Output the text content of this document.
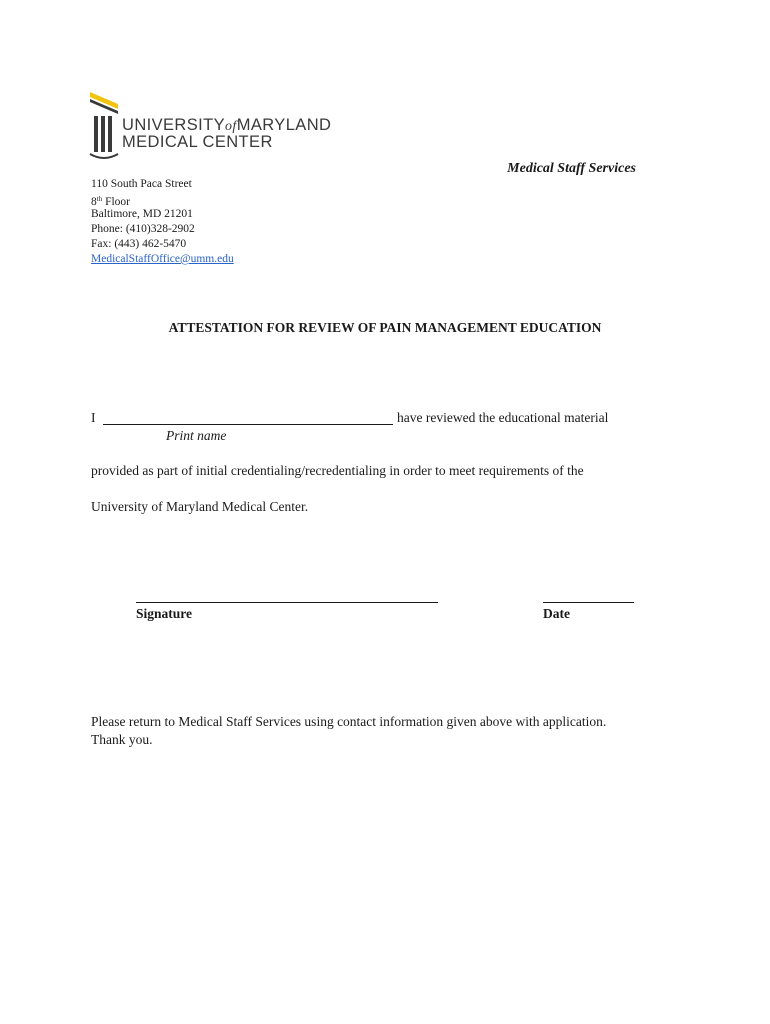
UNIVERSITYofMARYLAND
MEDICAL CENTER
Medical Staff Services
110 South Paca Street
8th Floor
Baltimore, MD 21201
Phone: (410)328-2902
Fax: (443) 462-5470
MedicalStaffOffice@umm.edu
ATTESTATION FOR REVIEW OF PAIN MANAGEMENT EDUCATION
I	have reviewed the educational material
Print name
provided as part of initial credentialing/recredentialing in order to meet requirements of the
University of Maryland Medical Center.
Signature	Date
Please return to Medical Staff Services using contact information given above with application.
Thank you.
